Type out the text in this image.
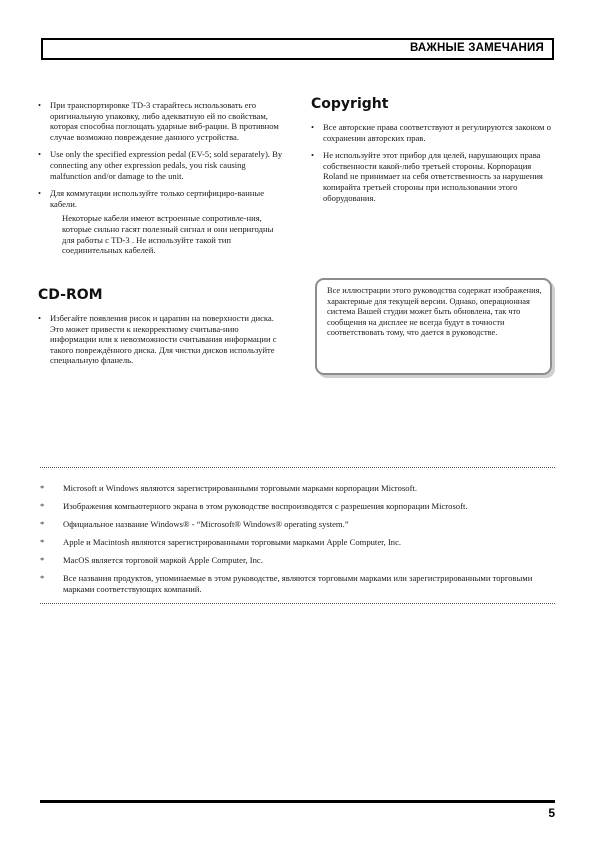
ВАЖНЫЕ ЗАМЕЧАНИЯ
• При транспортировке TD-3 старайтесь использовать его оригинальную упаковку, либо адекватную ей по свойствам, которая способна поглощать ударные виб-рации. В противном случае возможно повреждение данного устройства.
• Use only the specified expression pedal (EV-5; sold separately). By connecting any other expression pedals, you risk causing malfunction and/or damage to the unit.
• Для коммутации используйте только сертифициро-ванные кабели.
Некоторые кабели имеют встроенные сопротивле-ния, которые сильно гасят полезный сигнал и они непригодны для работы с TD-3 . Не используйте такой тип соединительных кабелей.
CD-ROM
• Избегайте появления рисок и царапин на поверхности диска. Это может привести к некорректному считыва-нию информации или к невозможности считывания информации с такого повреждённого диска. Для чистки дисков используйте специальную фланель.
Copyright
• Все авторские права соответствуют и регулируются законом о сохранении авторских прав.
• Не используйте этот прибор для целей, нарушающих права собственности какой-либо третьей стороны. Корпорация Roland не принимает на себя ответственность за нарушения копирайта третьей стороны при использовании этого оборудования.
Все иллюстрации этого руководства содержат изображения, характерные для текущей версии. Однако, операционная система Вашей студии может быть обновлена, так что сообщения на дисплее не всегда будут в точности соответствовать тому, что дается в руководстве.
* Microsoft и Windows являются зарегистрированными торговыми марками корпорации Microsoft.
* Изображения компьютерного экрана в этом руководстве воспроизводятся с разрешения корпорации Microsoft.
* Официальное название Windows® - “Microsoft® Windows® operating system.”
* Apple и Macintosh являются зарегистрированными торговыми марками Apple Computer, Inc.
* MacOS является торговой маркой Apple Computer, Inc.
* Все названия продуктов, упоминаемые в этом руководстве, являются торговыми марками или зарегистрированными торговыми марками соответствующих компаний.
5
